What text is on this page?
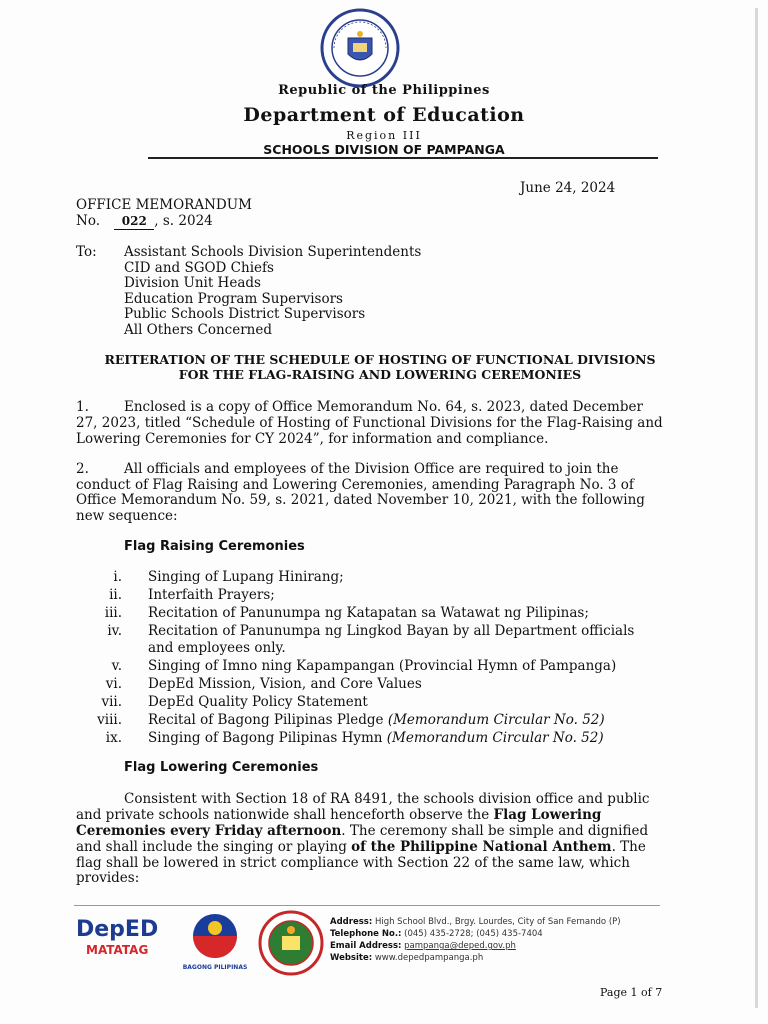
Republic of the Philippines
Department of Education
Region III
SCHOOLS DIVISION OF PAMPANGA
June 24, 2024
OFFICE MEMORANDUM
No. 022 , s. 2024
To: Assistant Schools Division Superintendents
CID and SGOD Chiefs
Division Unit Heads
Education Program Supervisors
Public Schools District Supervisors
All Others Concerned
REITERATION OF THE SCHEDULE OF HOSTING OF FUNCTIONAL DIVISIONS
FOR THE FLAG-RAISING AND LOWERING CEREMONIES
1.	Enclosed is a copy of Office Memorandum No. 64, s. 2023, dated December
27, 2023, titled “Schedule of Hosting of Functional Divisions for the Flag-Raising and
Lowering Ceremonies for CY 2024”, for information and compliance.
2.	All officials and employees of the Division Office are required to join the
conduct of Flag Raising and Lowering Ceremonies, amending Paragraph No. 3 of
Office Memorandum No. 59, s. 2021, dated November 10, 2021, with the following
new sequence:
Flag Raising Ceremonies
i. Singing of Lupang Hinirang;
ii. Interfaith Prayers;
iii. Recitation of Panunumpa ng Katapatan sa Watawat ng Pilipinas;
iv. Recitation of Panunumpa ng Lingkod Bayan by all Department officials
and employees only.
v. Singing of Imno ning Kapampangan (Provincial Hymn of Pampanga)
vi. DepEd Mission, Vision, and Core Values
vii. DepEd Quality Policy Statement
viii. Recital of Bagong Pilipinas Pledge (Memorandum Circular No. 52)
ix. Singing of Bagong Pilipinas Hymn (Memorandum Circular No. 52)
Flag Lowering Ceremonies
Consistent with Section 18 of RA 8491, the schools division office and public
and private schools nationwide shall henceforth observe the Flag Lowering
Ceremonies every Friday afternoon. The ceremony shall be simple and dignified
and shall include the singing or playing of the Philippine National Anthem. The
flag shall be lowered in strict compliance with Section 22 of the same law, which
provides:
DepED
MATATAG
BAGONG PILIPINAS
Address: High School Blvd., Brgy. Lourdes, City of San Fernando (P)
Telephone No.: (045) 435-2728; (045) 435-7404
Email Address: pampanga@deped.gov.ph
Website: www.depedpampanga.ph
Page 1 of 7
